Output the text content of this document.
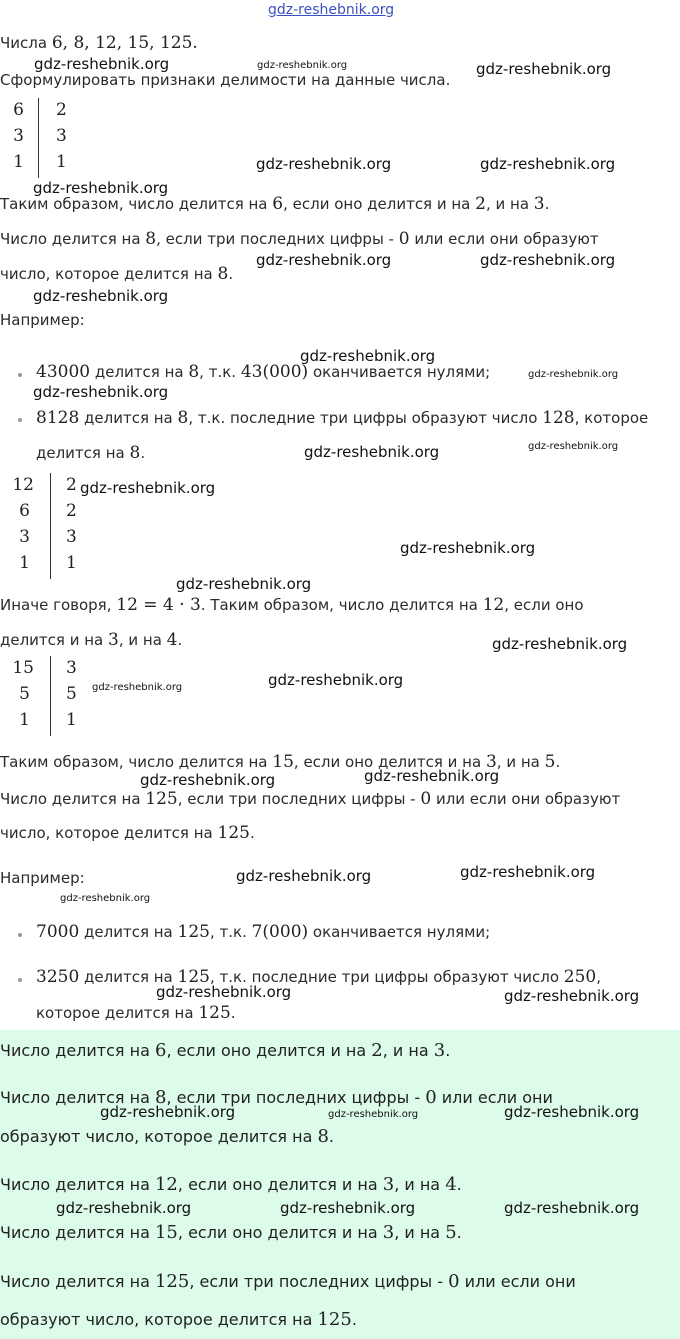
gdz-reshebnik.org
Числа 6, 8, 12, 15, 125.
Сформулировать признаки делимости на данные числа.
6 2
3 3
1 1
Таким образом, число делится на 6, если оно делится и на 2, и на 3.
Число делится на 8, если три последних цифры - 0 или если они образуют
число, которое делится на 8.
Например:
43000 делится на 8, т.к. 43(000) оканчивается нулями;
8128 делится на 8, т.к. последние три цифры образуют число 128, которое
делится на 8.
12 2
6 2
3 3
1 1
Иначе говоря, 12 = 4 · 3. Таким образом, число делится на 12, если оно
делится и на 3, и на 4.
15 3
5 5
1 1
Таким образом, число делится на 15, если оно делится и на 3, и на 5.
Число делится на 125, если три последних цифры - 0 или если они образуют
число, которое делится на 125.
Например:
7000 делится на 125, т.к. 7(000) оканчивается нулями;
3250 делится на 125, т.к. последние три цифры образуют число 250,
которое делится на 125.
Число делится на 6, если оно делится и на 2, и на 3.
Число делится на 8, если три последних цифры - 0 или если они
образуют число, которое делится на 8.
Число делится на 12, если оно делится и на 3, и на 4.
Число делится на 15, если оно делится и на 3, и на 5.
Число делится на 125, если три последних цифры - 0 или если они
образуют число, которое делится на 125.
gdz-reshebnik.org	gdz-reshebnik.org	gdz-reshebnik.org
gdz-reshebnik.org	gdz-reshebnik.org
gdz-reshebnik.org
gdz-reshebnik.org	gdz-reshebnik.org
gdz-reshebnik.org
gdz-reshebnik.org
gdz-reshebnik.org
gdz-reshebnik.org
gdz-reshebnik.org
gdz-reshebnik.org
gdz-reshebnik.org
gdz-reshebnik.org
gdz-reshebnik.org
gdz-reshebnik.org
gdz-reshebnik.org
gdz-reshebnik.org
gdz-reshebnik.org	gdz-reshebnik.org
gdz-reshebnik.org	gdz-reshebnik.org
gdz-reshebnik.org
gdz-reshebnik.org	gdz-reshebnik.org
gdz-reshebnik.org	gdz-reshebnik.org	gdz-reshebnik.org
gdz-reshebnik.org	gdz-reshebnik.org	gdz-reshebnik.org
